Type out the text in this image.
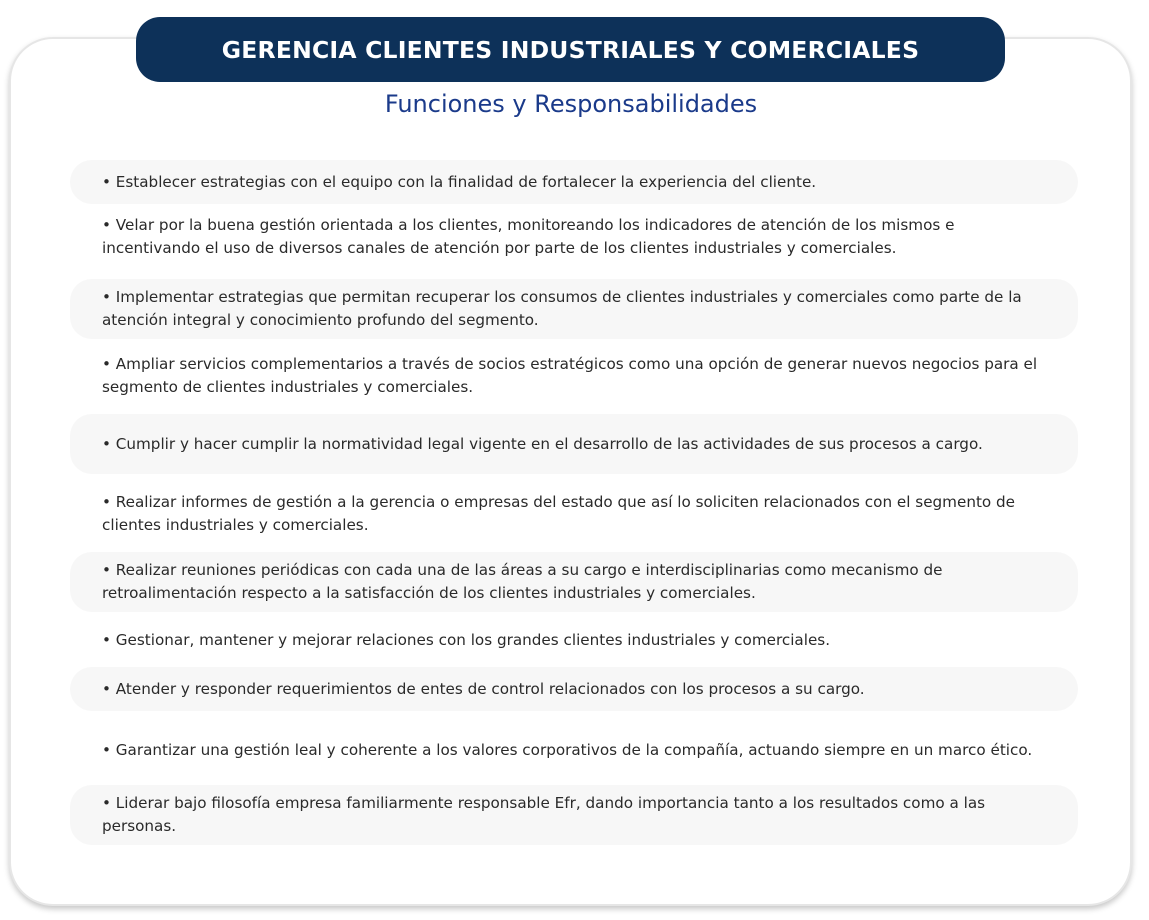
GERENCIA CLIENTES INDUSTRIALES Y COMERCIALES
Funciones y Responsabilidades
• Establecer estrategias con el equipo con la finalidad de fortalecer la experiencia del cliente.
• Velar por la buena gestión orientada a los clientes, monitoreando los indicadores de atención de los mismos e incentivando el uso de diversos canales de atención por parte de los clientes industriales y comerciales.
• Implementar estrategias que permitan recuperar los consumos de clientes industriales y comerciales como parte de la atención integral y conocimiento profundo del segmento.
• Ampliar servicios complementarios a través de socios estratégicos como una opción de generar nuevos negocios para el segmento de clientes industriales y comerciales.
• Cumplir y hacer cumplir la normatividad legal vigente en el desarrollo de las actividades de sus procesos a cargo.
• Realizar informes de gestión a la gerencia o empresas del estado que así lo soliciten relacionados con el segmento de clientes industriales y comerciales.
• Realizar reuniones periódicas con cada una de las áreas a su cargo e interdisciplinarias como mecanismo de retroalimentación respecto a la satisfacción de los clientes industriales y comerciales.
• Gestionar, mantener y mejorar relaciones con los grandes clientes industriales y comerciales.
• Atender y responder requerimientos de entes de control relacionados con los procesos a su cargo.
• Garantizar una gestión leal y coherente a los valores corporativos de la compañía, actuando siempre en un marco ético.
• Liderar bajo filosofía empresa familiarmente responsable Efr, dando importancia tanto a los resultados como a las personas.
